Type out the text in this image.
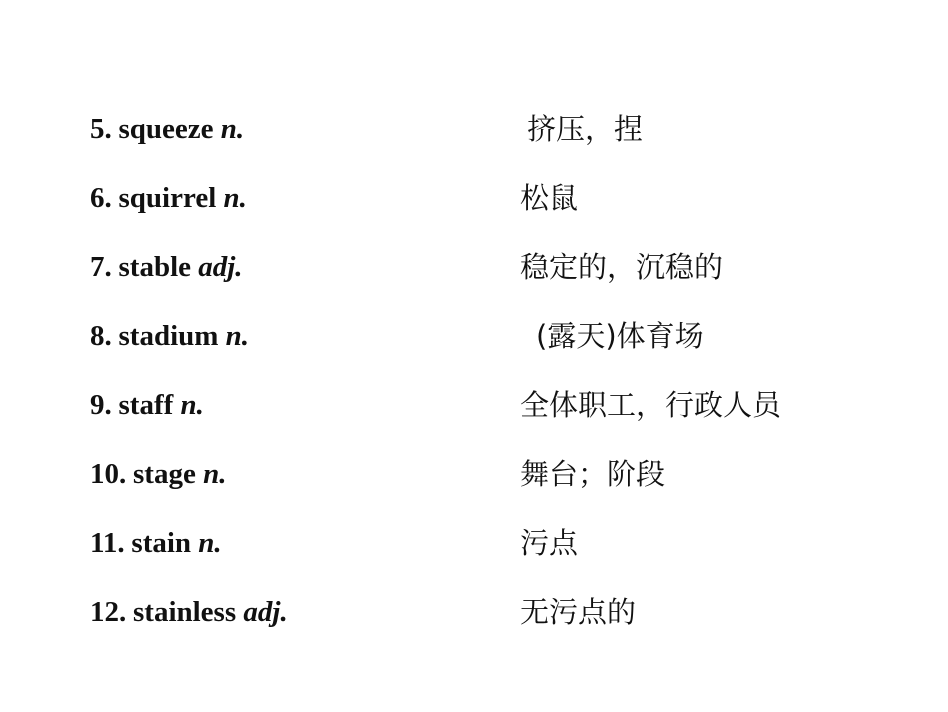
5. squeeze n.	挤压，捏
6. squirrel n.	松鼠
7. stable adj.	稳定的，沉稳的
8. stadium n.	(露天)体育场
9. staff n.	全体职工，行政人员
10. stage n.	舞台；阶段
11. stain n.	污点
12. stainless adj.	无污点的
